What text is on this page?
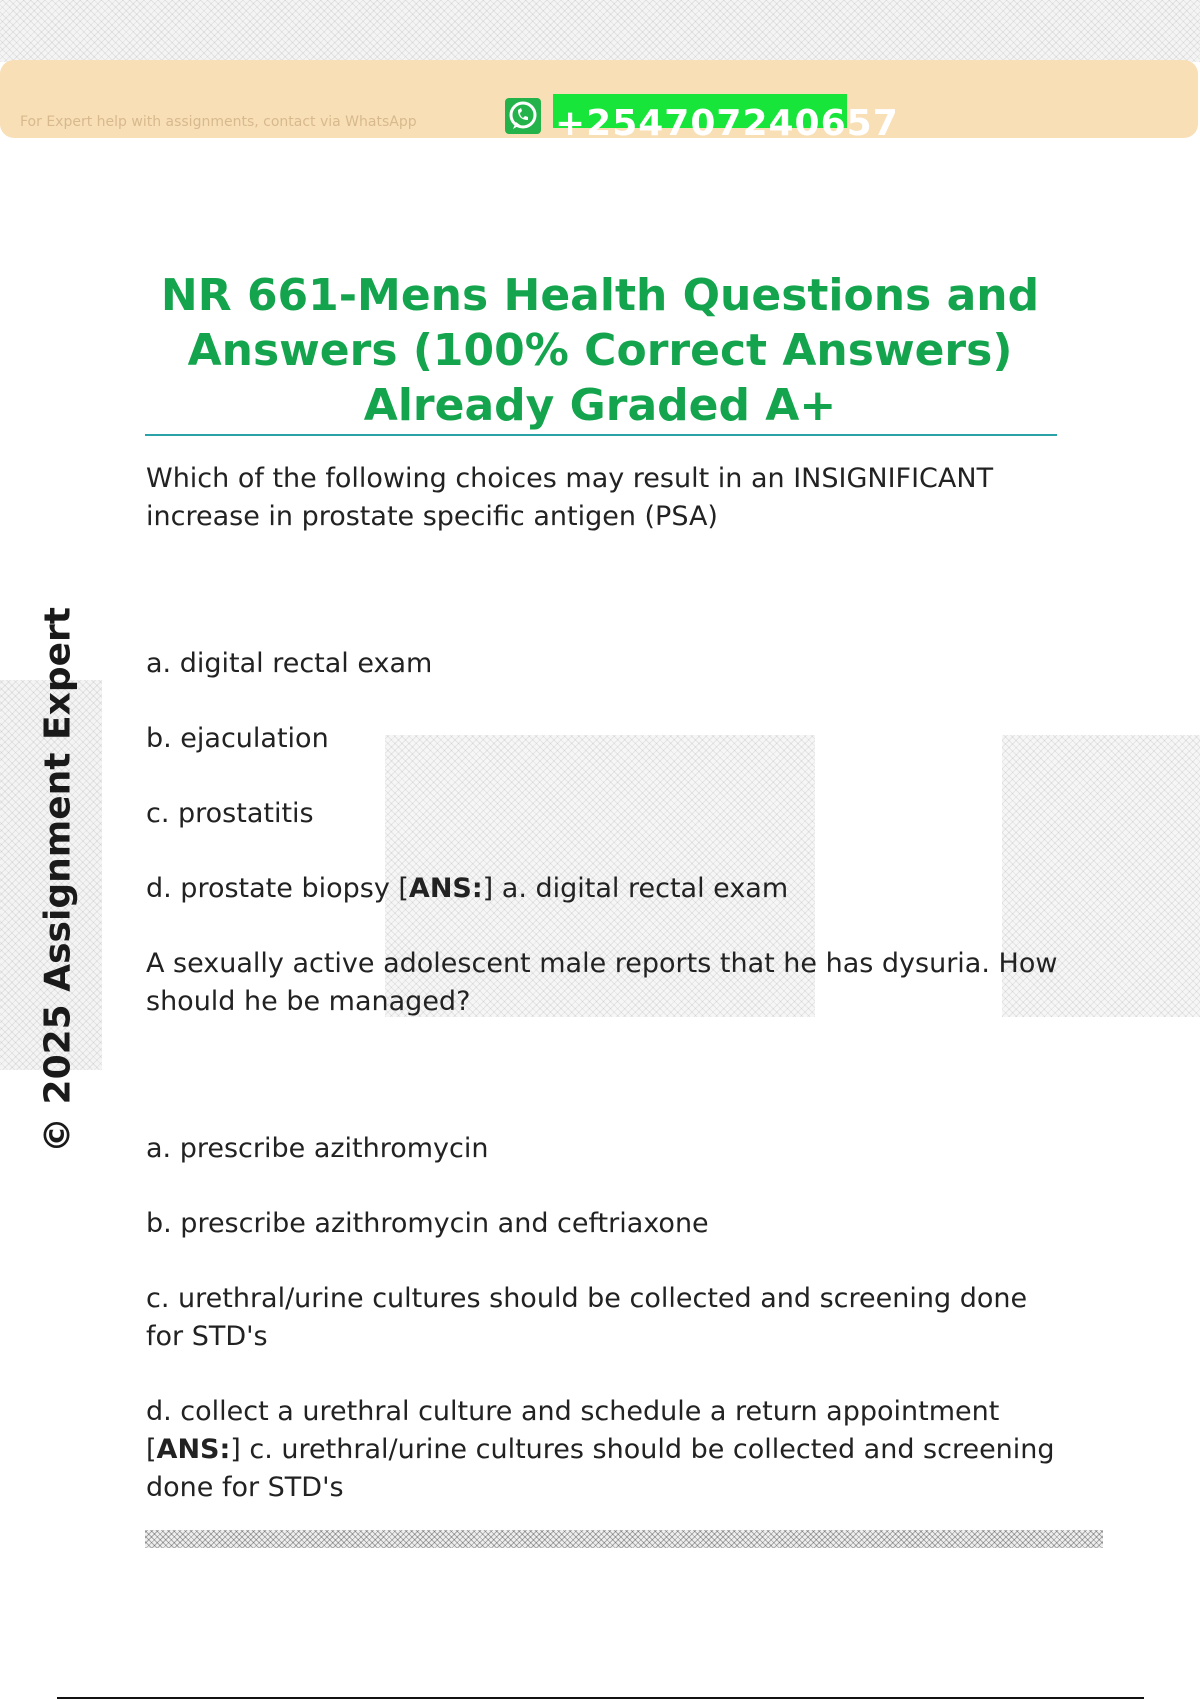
For Expert help with assignments, contact via WhatsApp	+254707240657
© 2025 Assignment Expert
NR 661-Mens Health Questions and Answers (100% Correct Answers) Already Graded A+

Which of the following choices may result in an INSIGNIFICANT increase in prostate specific antigen (PSA)

a. digital rectal exam

b. ejaculation

c. prostatitis

d. prostate biopsy [ANS:] a. digital rectal exam

A sexually active adolescent male reports that he has dysuria. How should he be managed?

a. prescribe azithromycin

b. prescribe azithromycin and ceftriaxone

c. urethral/urine cultures should be collected and screening done for STD's

d. collect a urethral culture and schedule a return appointment [ANS:] c. urethral/urine cultures should be collected and screening done for STD's
